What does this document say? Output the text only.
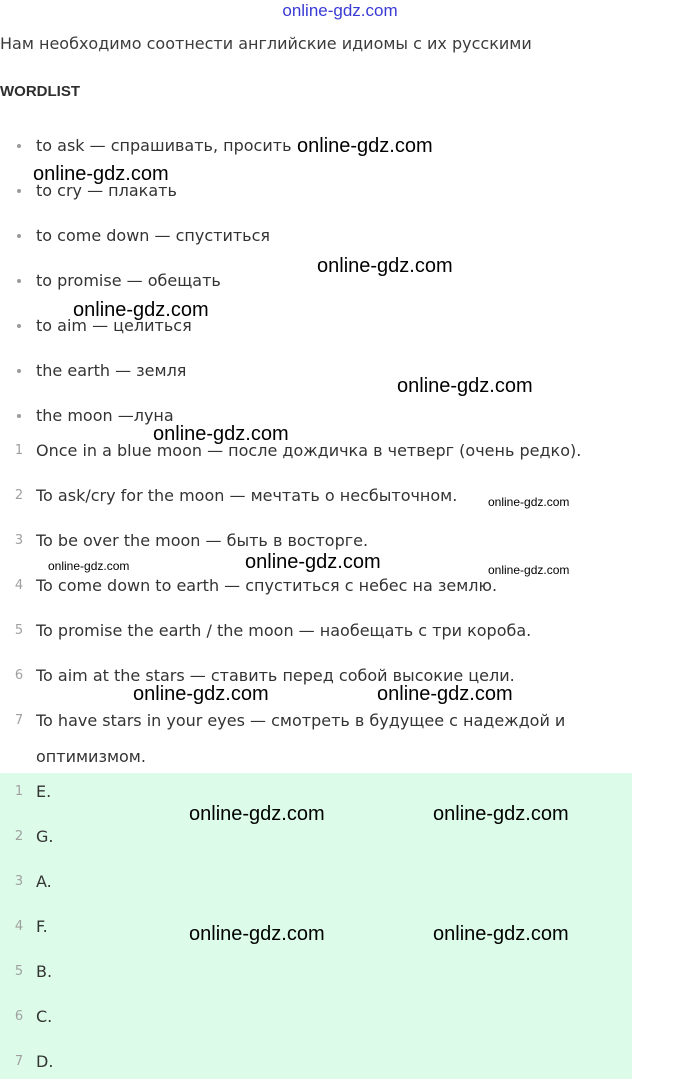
online-gdz.com
Нам необходимо соотнести английские идиомы с их русскими
WORDLIST
to ask — спрашивать, просить
to cry — плакать
to come down — спуститься
to promise — обещать
to aim — целиться
the earth — земля
the moon —луна
1 Once in a blue moon — после дождичка в четверг (очень редко).
2 To ask/cry for the moon — мечтать о несбыточном.
3 To be over the moon — быть в восторге.
4 To come down to earth — спуститься с небес на землю.
5 To promise the earth / the moon — наобещать с три короба.
6 To aim at the stars — ставить перед собой высокие цели.
7 To have stars in your eyes — смотреть в будущее с надеждой и
оптимизмом.
1 E.
2 G.
3 A.
4 F.
5 B.
6 C.
7 D.
online-gdz.com
online-gdz.com
online-gdz.com
online-gdz.com
online-gdz.com
online-gdz.com
online-gdz.com
online-gdz.com
online-gdz.com	online-gdz.com
online-gdz.com	online-gdz.com
online-gdz.com	online-gdz.com
online-gdz.com	online-gdz.com
